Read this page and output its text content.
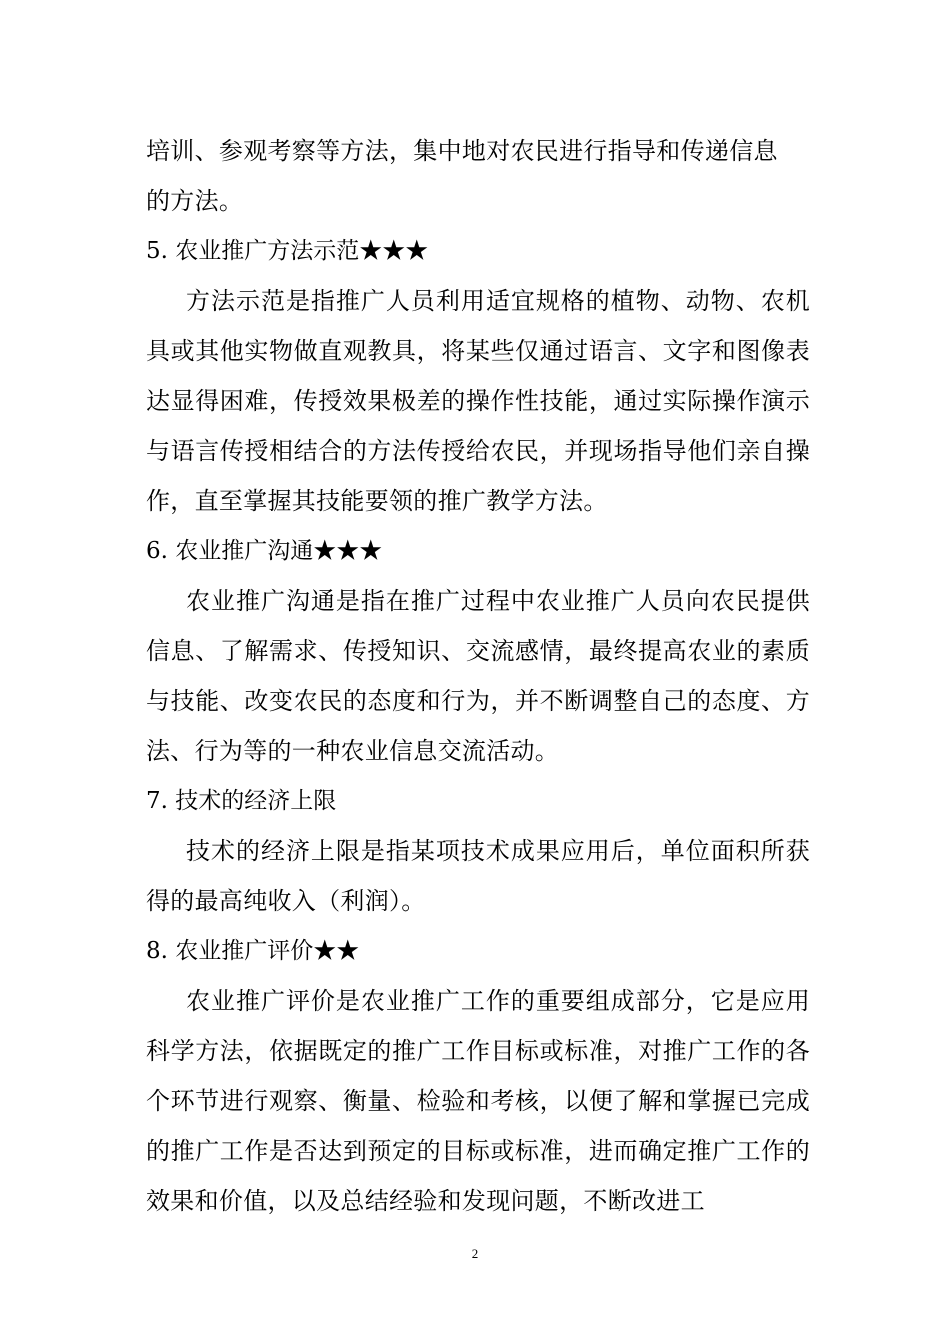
培训、参观考察等方法，集中地对农民进行指导和传递信息
的方法。
5. 农业推广方法示范★★★

方法示范是指推广人员利用适宜规格的植物、动物、农机具或其他实物做直观教具，将某些仅通过语言、文字和图像表达显得困难，传授效果极差的操作性技能，通过实际操作演示与语言传授相结合的方法传授给农民，并现场指导他们亲自操作，直至掌握其技能要领的推广教学方法。

6. 农业推广沟通★★★

农业推广沟通是指在推广过程中农业推广人员向农民提供信息、了解需求、传授知识、交流感情，最终提高农业的素质与技能、改变农民的态度和行为，并不断调整自己的态度、方法、行为等的一种农业信息交流活动。

7. 技术的经济上限

技术的经济上限是指某项技术成果应用后，单位面积所获得的最高纯收入（利润）。

8. 农业推广评价★★

农业推广评价是农业推广工作的重要组成部分，它是应用科学方法，依据既定的推广工作目标或标准，对推广工作的各个环节进行观察、衡量、检验和考核，以便了解和掌握已完成的推广工作是否达到预定的目标或标准，进而确定推广工作的效果和价值，以及总结经验和发现问题，不断改进工

2
